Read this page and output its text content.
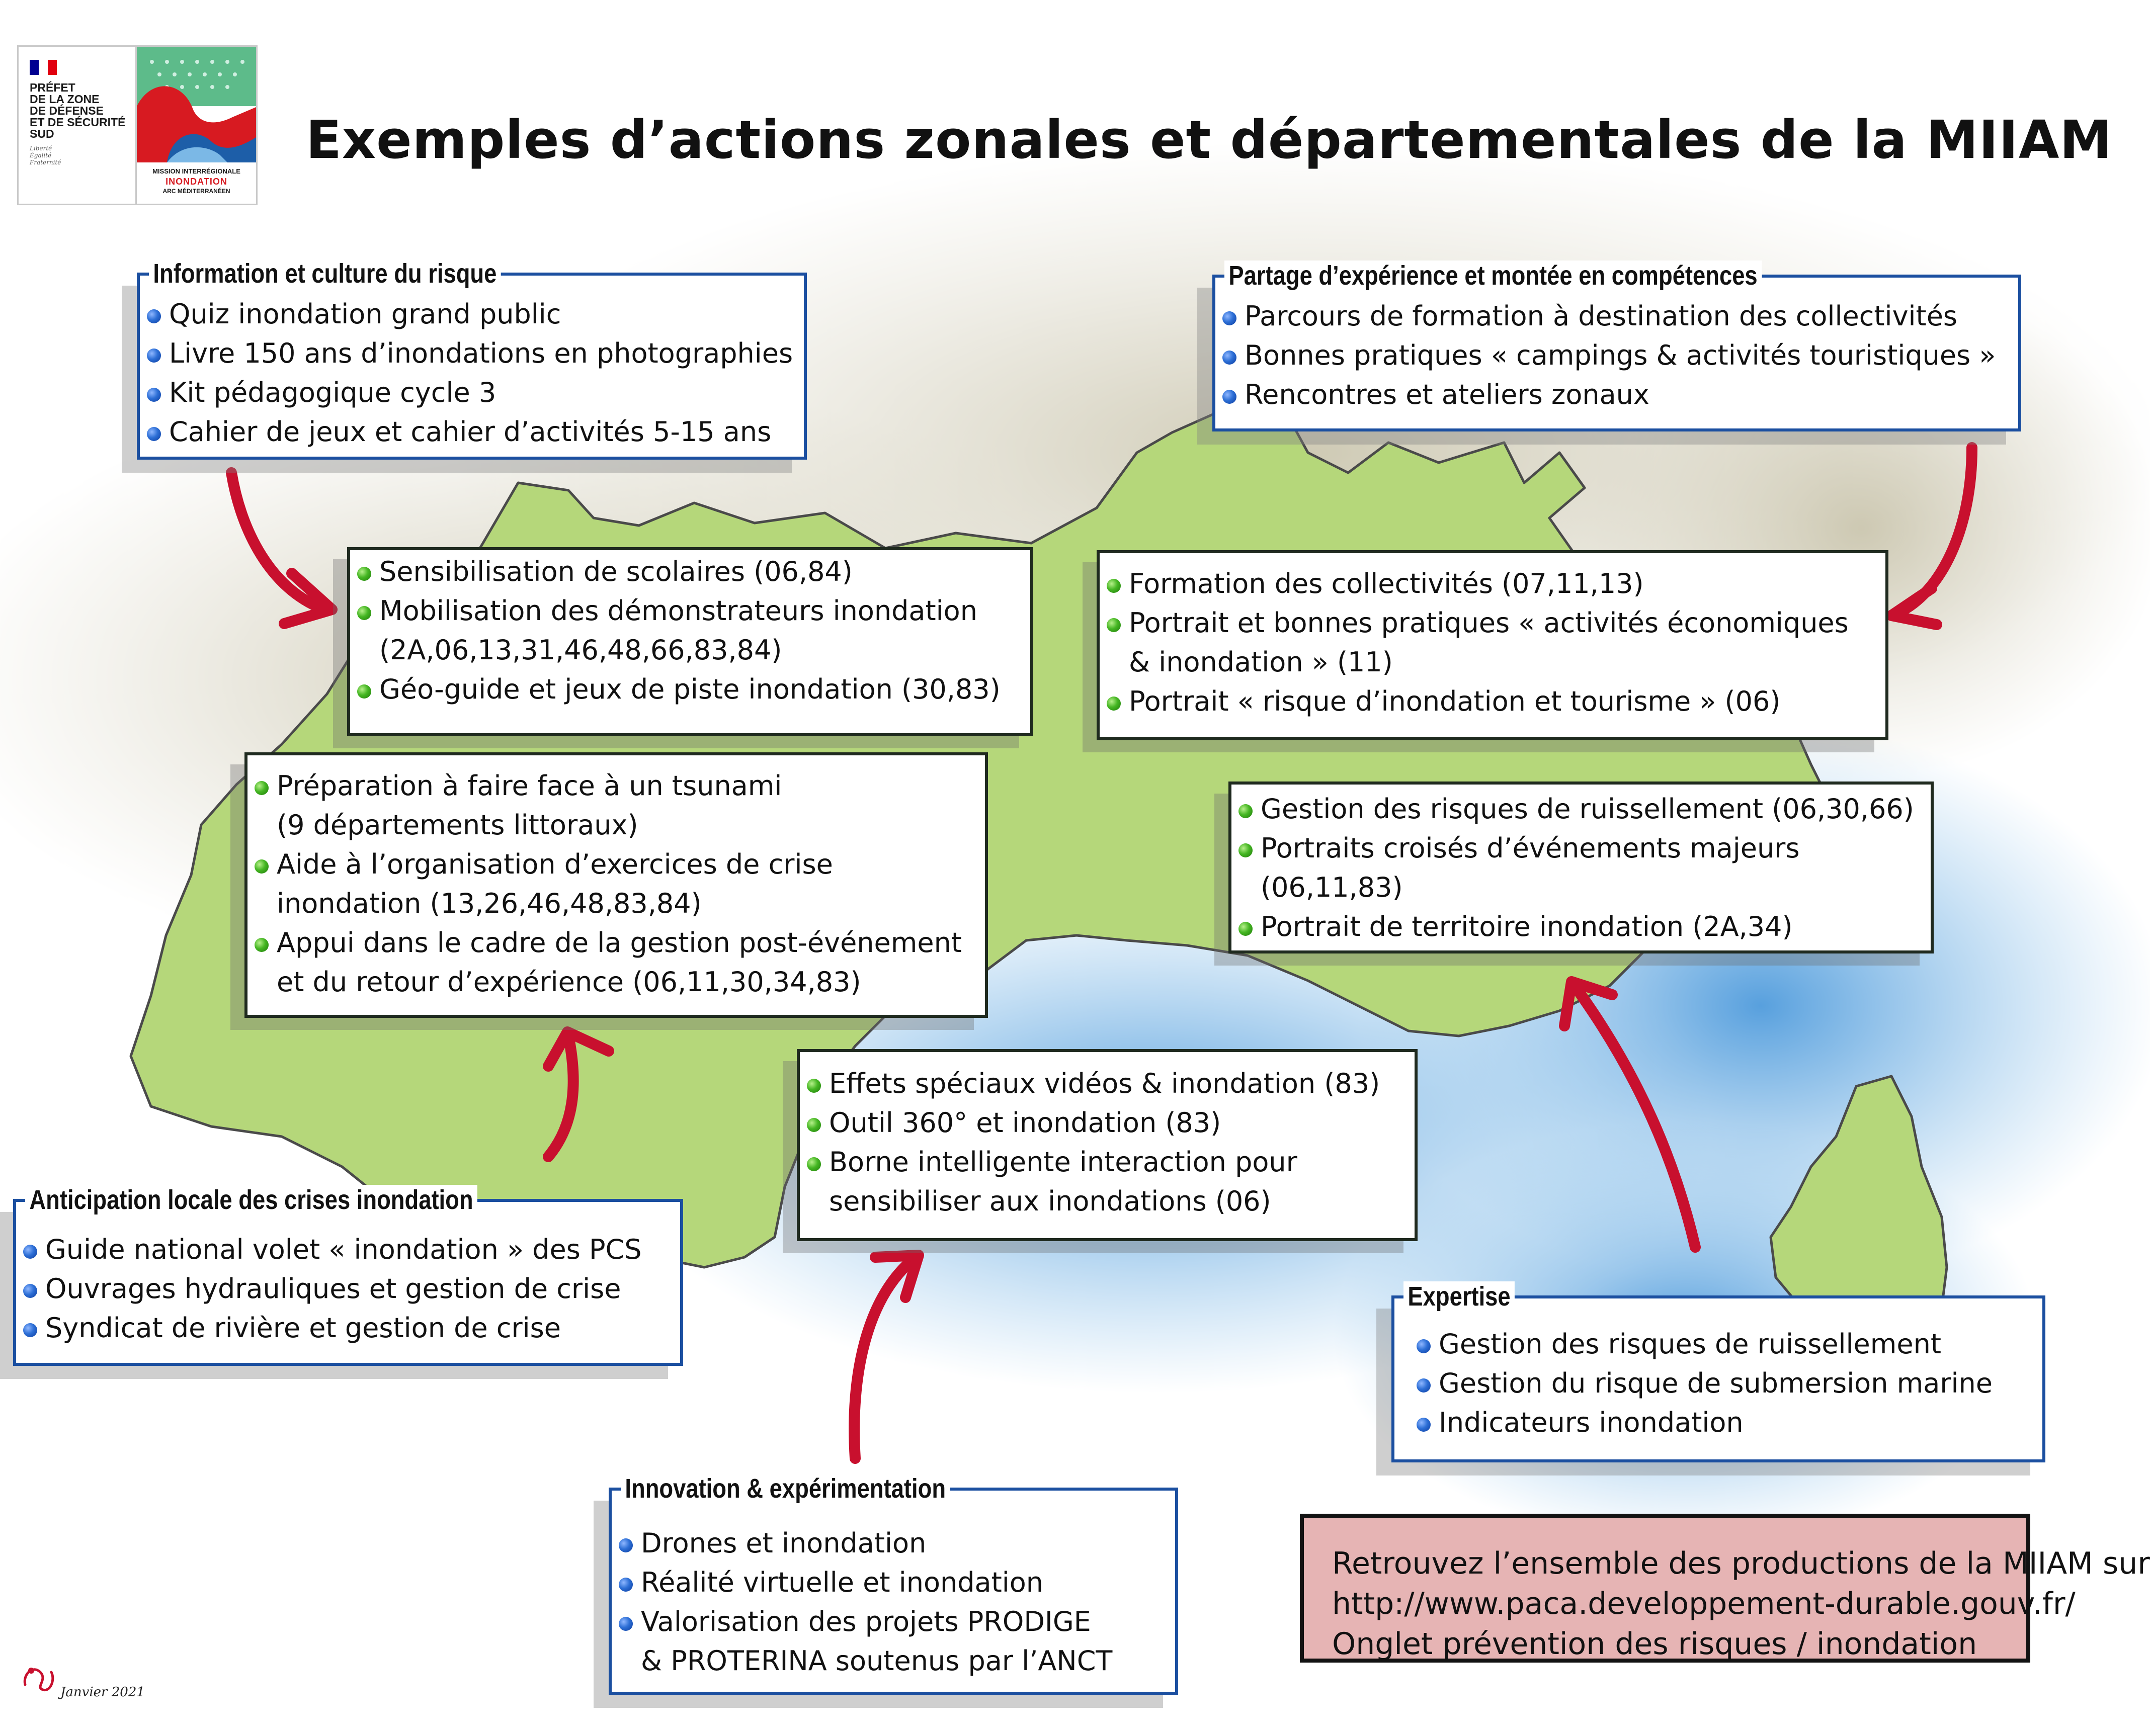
PRÉFET
DE LA ZONE
DE DÉFENSE
ET DE SÉCURITÉ
SUD
Liberté
Égalité
Fraternité
MISSION INTERRÉGIONALE
INONDATION
ARC MÉDITERRANÉEN
Exemples d’actions zonales et départementales de la MIIAM
Information et culture du risque
Quiz inondation grand public
Livre 150 ans d’inondations en photographies
Kit pédagogique cycle 3
Cahier de jeux et cahier d’activités 5-15 ans
Partage d’expérience et montée en compétences
Parcours de formation à destination des collectivités
Bonnes pratiques « campings & activités touristiques »
Rencontres et ateliers zonaux
Anticipation locale des crises inondation
Guide national volet « inondation » des PCS
Ouvrages hydrauliques et gestion de crise
Syndicat de rivière et gestion de crise
Expertise
Gestion des risques de ruissellement
Gestion du risque de submersion marine
Indicateurs inondation
Innovation & expérimentation
Drones et inondation
Réalité virtuelle et inondation
Valorisation des projets PRODIGE
& PROTERINA soutenus par l’ANCT
Sensibilisation de scolaires (06,84)
Mobilisation des démonstrateurs inondation
(2A,06,13,31,46,48,66,83,84)
Géo-guide et jeux de piste inondation (30,83)
Formation des collectivités (07,11,13)
Portrait et bonnes pratiques « activités économiques
& inondation » (11)
Portrait « risque d’inondation et tourisme » (06)
Préparation à faire face à un tsunami
(9 départements littoraux)
Aide à l’organisation d’exercices de crise
inondation (13,26,46,48,83,84)
Appui dans le cadre de la gestion post-événement
et du retour d’expérience (06,11,30,34,83)
Gestion des risques de ruissellement (06,30,66)
Portraits croisés d’événements majeurs
(06,11,83)
Portrait de territoire inondation (2A,34)
Effets spéciaux vidéos & inondation (83)
Outil 360° et inondation (83)
Borne intelligente interaction pour
sensibiliser aux inondations (06)
Retrouvez l’ensemble des productions de la MIIAM sur
http://www.paca.developpement-durable.gouv.fr/
Onglet prévention des risques / inondation
Janvier 2021
